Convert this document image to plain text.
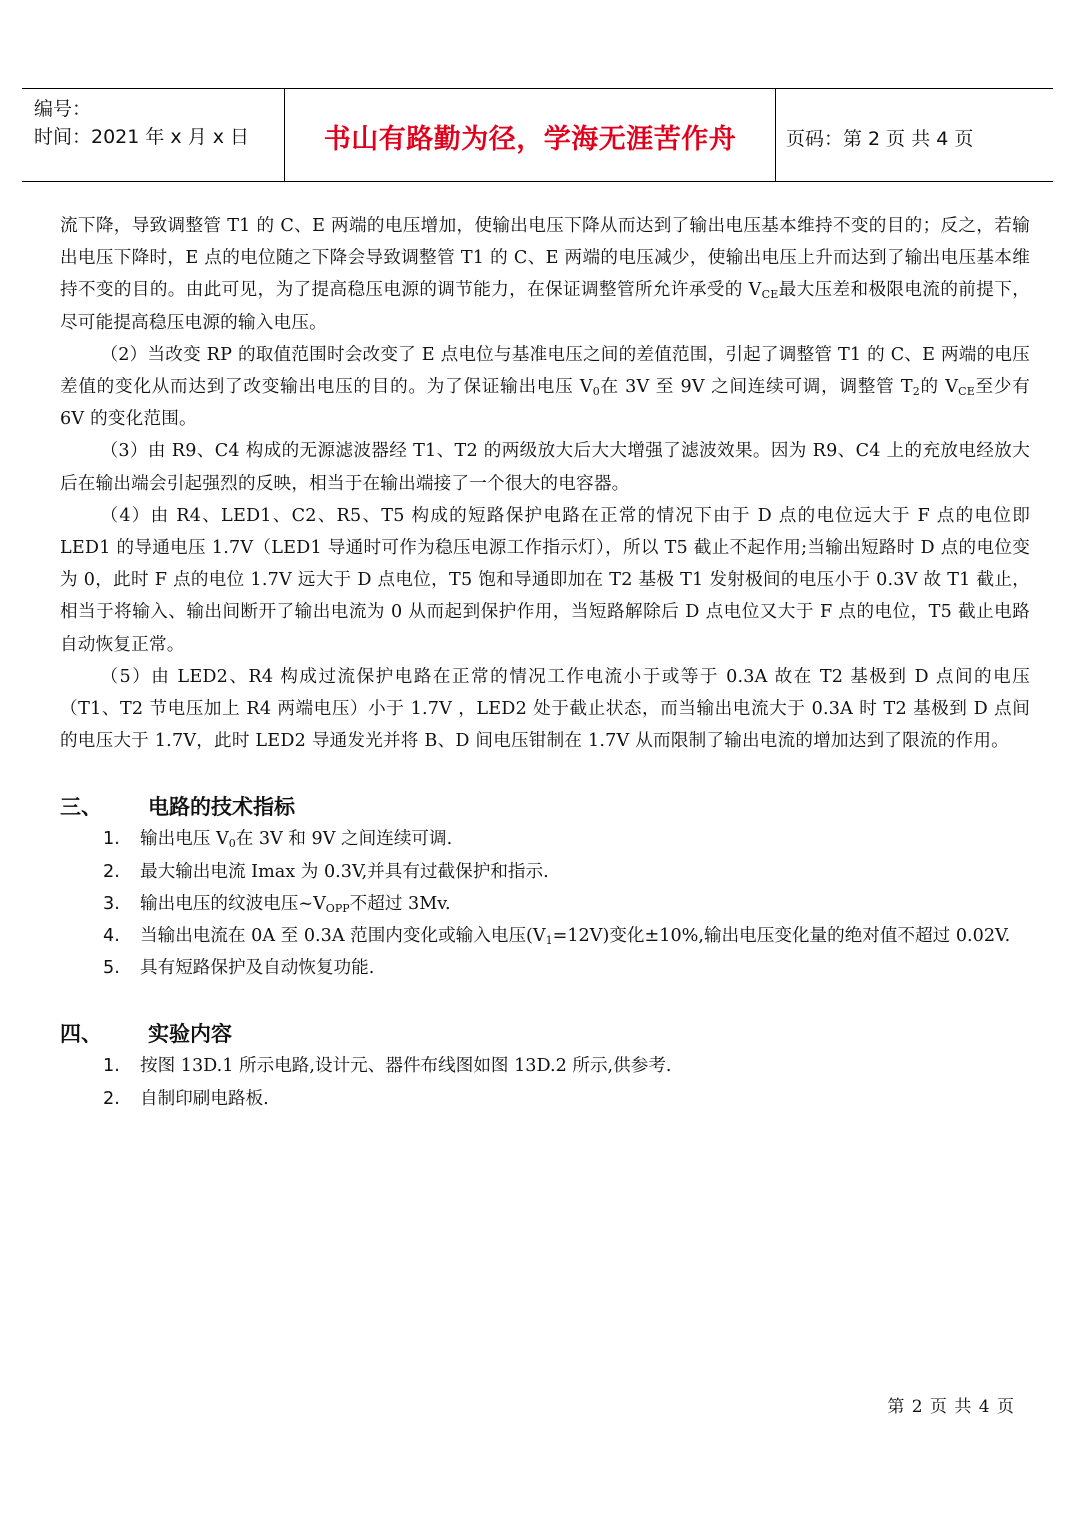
编号：
时间：2021 年 x 月 x 日	书山有路勤为径，学海无涯苦作舟	页码：第 2 页 共 4 页

流下降，导致调整管 T1 的 C、E 两端的电压增加，使输出电压下降从而达到了输出电压基本维持不变的目的；反之，若输出电压下降时，E 点的电位随之下降会导致调整管 T1 的 C、E 两端的电压减少，使输出电压上升而达到了输出电压基本维持不变的目的。由此可见，为了提高稳压电源的调节能力，在保证调整管所允许承受的 $V_{CE}$最大压差和极限电流的前提下，尽可能提高稳压电源的输入电压。

（2）当改变 RP 的取值范围时会改变了 E 点电位与基准电压之间的差值范围，引起了调整管 T1 的 C、E 两端的电压差值的变化从而达到了改变输出电压的目的。为了保证输出电压 $V_0$在 3V 至 9V 之间连续可调，调整管 $T_2$的 $V_{CE}$至少有 6V 的变化范围。

（3）由 R9、C4 构成的无源滤波器经 T1、T2 的两级放大后大大增强了滤波效果。因为 R9、C4 上的充放电经放大后在输出端会引起强烈的反映，相当于在输出端接了一个很大的电容器。

（4）由 R4、LED1、C2、R5、T5 构成的短路保护电路在正常的情况下由于 D 点的电位远大于 F 点的电位即 LED1 的导通电压 1.7V（LED1 导通时可作为稳压电源工作指示灯），所以 T5 截止不起作用;当输出短路时 D 点的电位变为 0，此时 F 点的电位 1.7V 远大于 D 点电位，T5 饱和导通即加在 T2 基极 T1 发射极间的电压小于 0.3V 故 T1 截止，相当于将输入、输出间断开了输出电流为 0 从而起到保护作用，当短路解除后 D 点电位又大于 F 点的电位，T5 截止电路自动恢复正常。

（5）由 LED2、R4 构成过流保护电路在正常的情况工作电流小于或等于 0.3A 故在 T2 基极到 D 点间的电压（T1、T2 节电压加上 R4 两端电压）小于 1.7V ，LED2 处于截止状态，而当输出电流大于 0.3A 时 T2 基极到 D 点间的电压大于 1.7V，此时 LED2 导通发光并将 B、D 间电压钳制在 1.7V 从而限制了输出电流的增加达到了限流的作用。

三、 电路的技术指标
1. 输出电压 $V_0$在 3V 和 9V 之间连续可调.
2. 最大输出电流 Imax 为 0.3V,并具有过截保护和指示.
3. 输出电压的纹波电压$\sim V_{OPP}$不超过 3Mv.
4. 当输出电流在 0A 至 0.3A 范围内变化或输入电压$(V_1=12V)$变化±10%,输出电压变化量的绝对值不超过 0.02V.
5. 具有短路保护及自动恢复功能.
四、 实验内容
1. 按图 13D.1 所示电路,设计元、器件布线图如图 13D.2 所示,供参考.
2. 自制印刷电路板.
第 2 页 共 4 页
